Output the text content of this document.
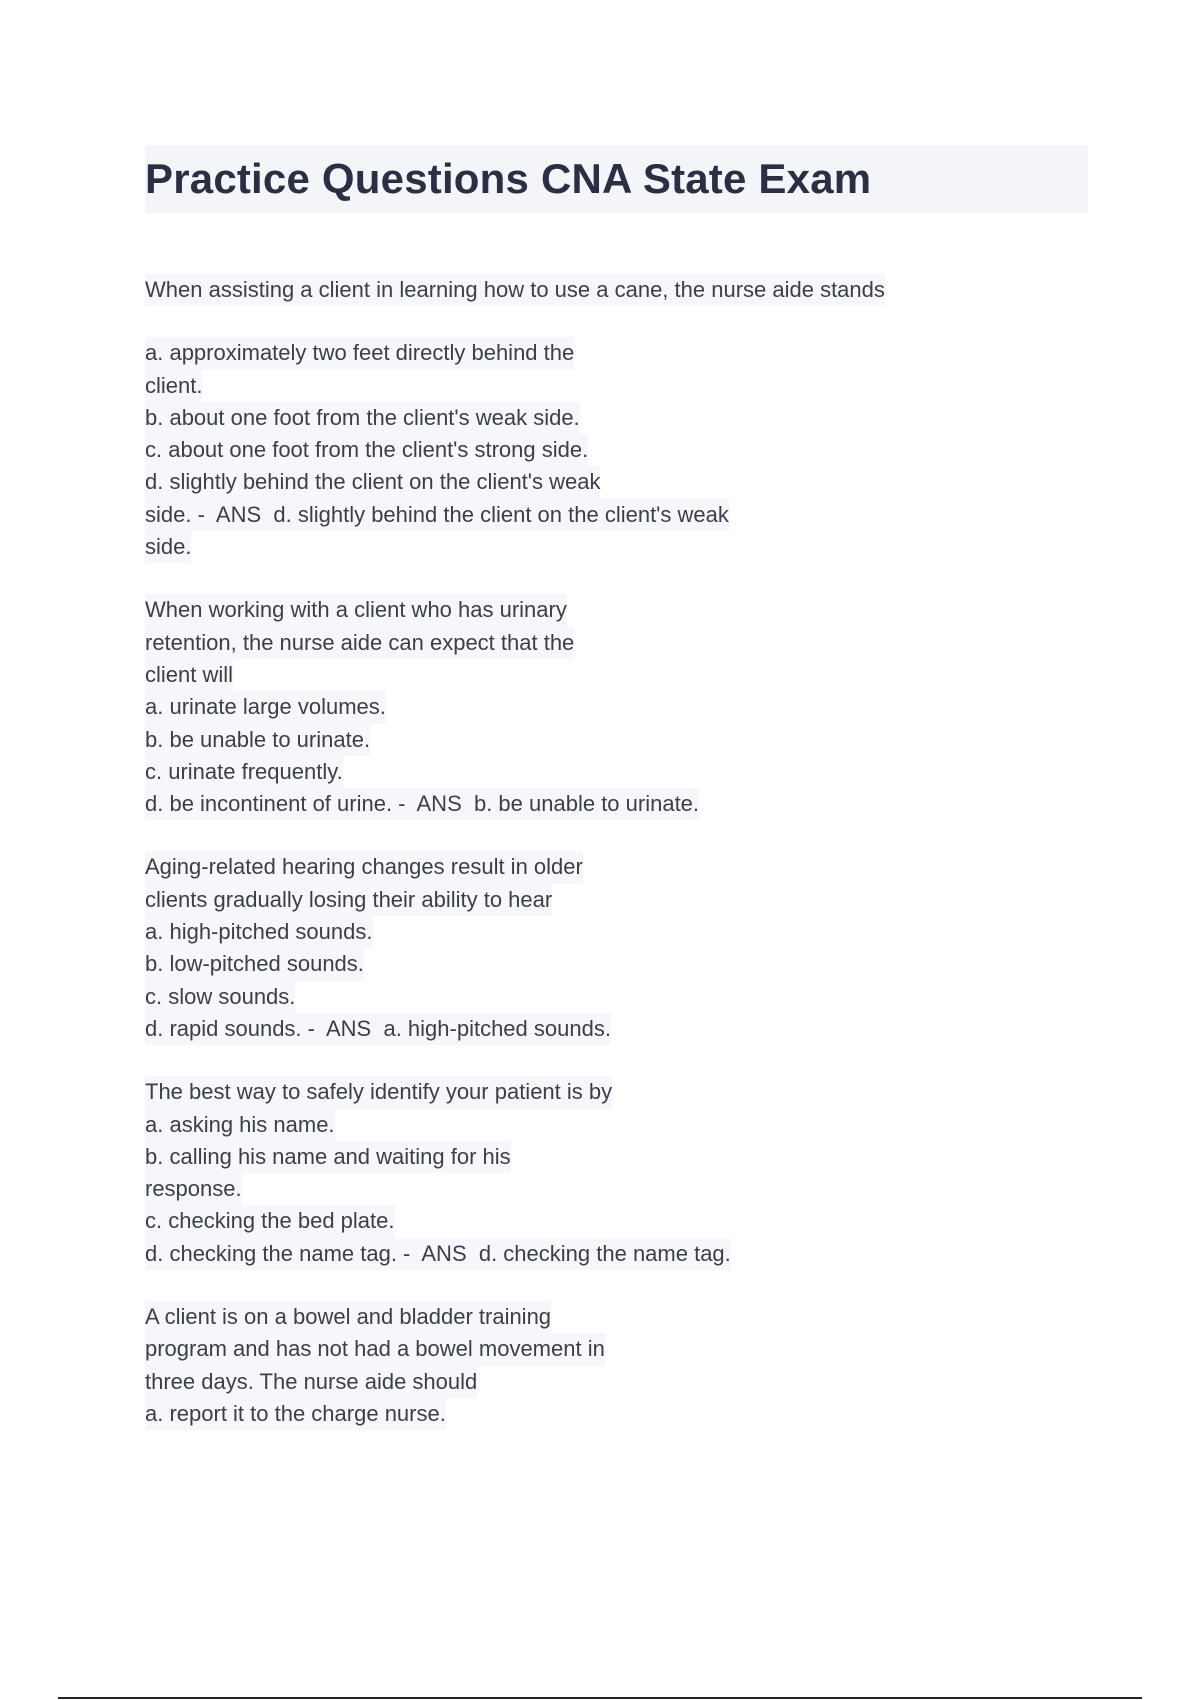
Practice Questions CNA State Exam
When assisting a client in learning how to use a cane, the nurse aide stands
a. approximately two feet directly behind the
client.
b. about one foot from the client's weak side.
c. about one foot from the client's strong side.
d. slightly behind the client on the client's weak
side. -  ANS  d. slightly behind the client on the client's weak
side.
When working with a client who has urinary
retention, the nurse aide can expect that the
client will
a. urinate large volumes.
b. be unable to urinate.
c. urinate frequently.
d. be incontinent of urine. -  ANS  b. be unable to urinate.
Aging-related hearing changes result in older
clients gradually losing their ability to hear
a. high-pitched sounds.
b. low-pitched sounds.
c. slow sounds.
d. rapid sounds. -  ANS  a. high-pitched sounds.
The best way to safely identify your patient is by
a. asking his name.
b. calling his name and waiting for his
response.
c. checking the bed plate.
d. checking the name tag. -  ANS  d. checking the name tag.
A client is on a bowel and bladder training
program and has not had a bowel movement in
three days. The nurse aide should
a. report it to the charge nurse.
